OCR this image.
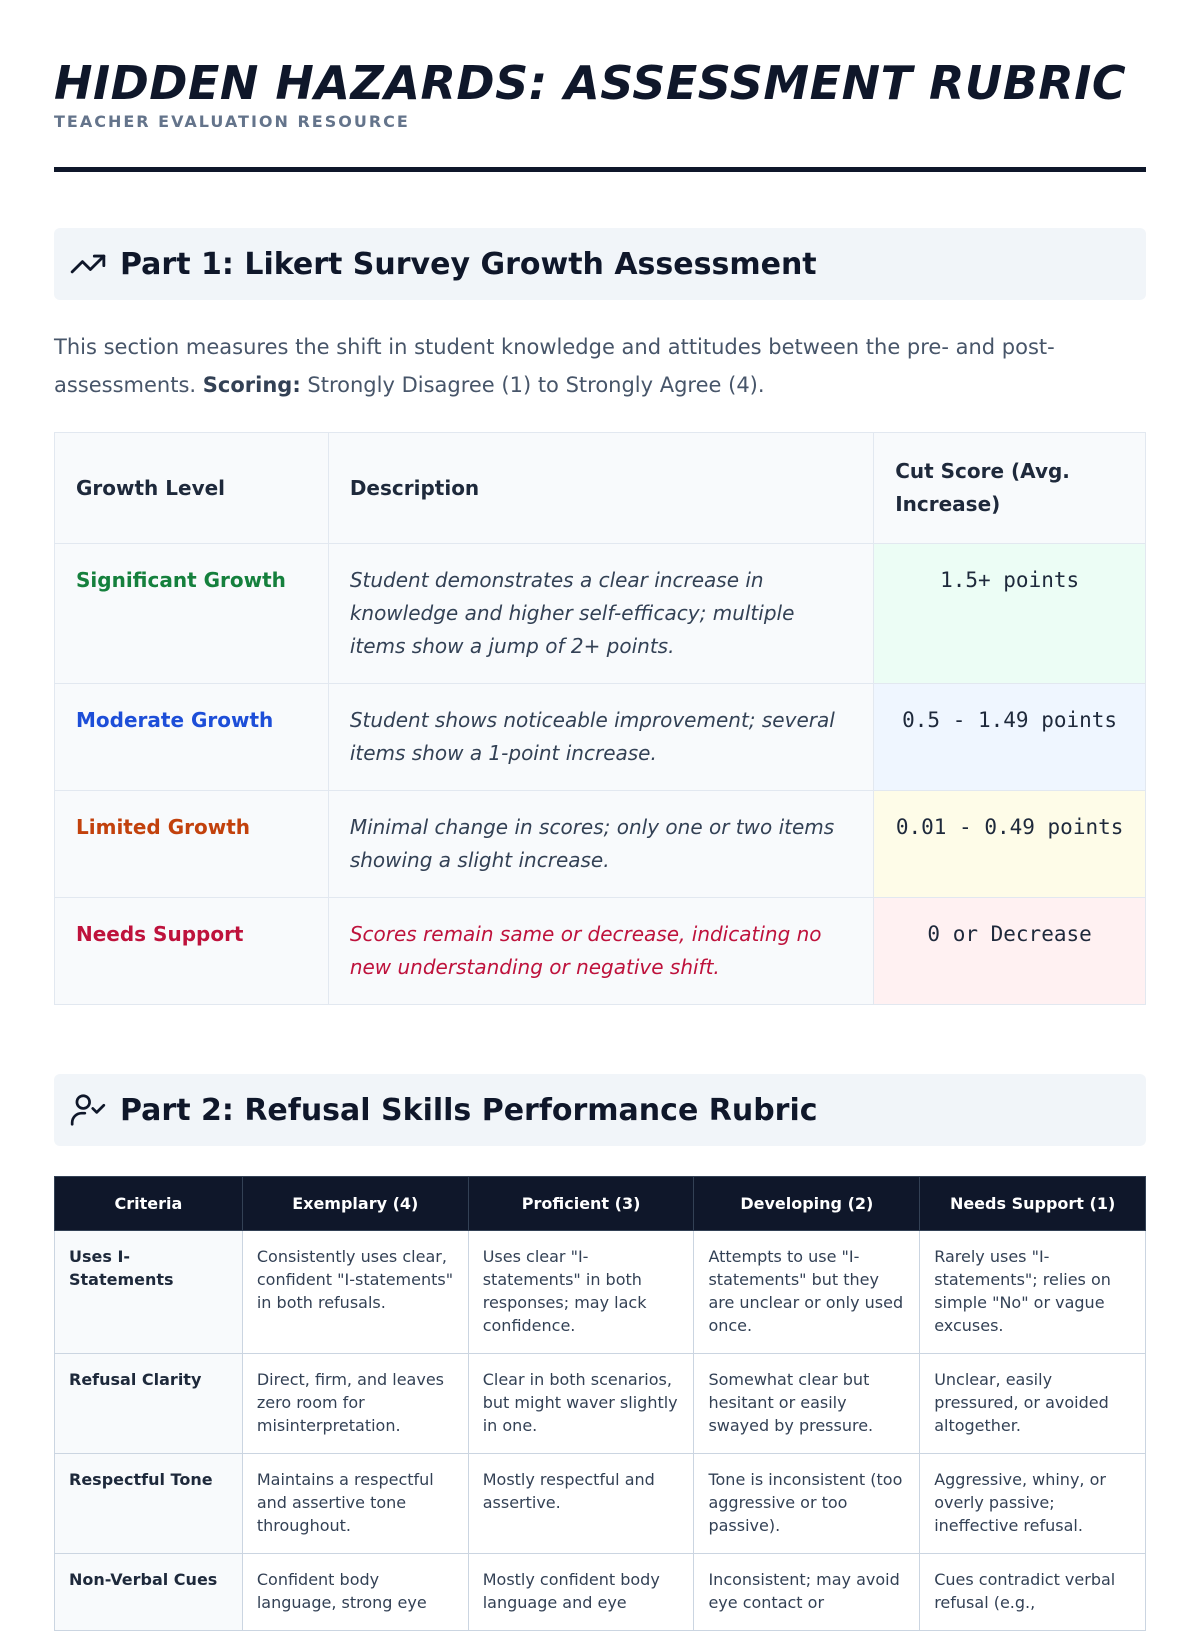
HIDDEN HAZARDS: ASSESSMENT RUBRIC
TEACHER EVALUATION RESOURCE
Part 1: Likert Survey Growth Assessment

This section measures the shift in student knowledge and attitudes between the pre- and post-assessments. Scoring: Strongly Disagree (1) to Strongly Agree (4).

Growth Level	Description	Cut Score (Avg. Increase)
Significant Growth	Student demonstrates a clear increase in knowledge and higher self-efficacy; multiple items show a jump of 2+ points.	1.5+ points
Moderate Growth	Student shows noticeable improvement; several items show a 1-point increase.	0.5 - 1.49 points
Limited Growth	Minimal change in scores; only one or two items showing a slight increase.	0.01 - 0.49 points
Needs Support	Scores remain same or decrease, indicating no new understanding or negative shift.	0 or Decrease
Part 2: Refusal Skills Performance Rubric
Criteria	Exemplary (4)	Proficient (3)	Developing (2)	Needs Support (1)
Uses I-Statements	Consistently uses clear, confident "I-statements" in both refusals.	Uses clear "I-statements" in both responses; may lack confidence.	Attempts to use "I-statements" but they are unclear or only used once.	Rarely uses "I-statements"; relies on simple "No" or vague excuses.
Refusal Clarity	Direct, firm, and leaves zero room for misinterpretation.	Clear in both scenarios, but might waver slightly in one.	Somewhat clear but hesitant or easily swayed by pressure.	Unclear, easily pressured, or avoided altogether.
Respectful Tone	Maintains a respectful and assertive tone throughout.	Mostly respectful and assertive.	Tone is inconsistent (too aggressive or too passive).	Aggressive, whiny, or overly passive; ineffective refusal.
Non-Verbal Cues	Confident body language, strong eye	Mostly confident body language and eye	Inconsistent; may avoid eye contact or	Cues contradict verbal refusal (e.g.,
